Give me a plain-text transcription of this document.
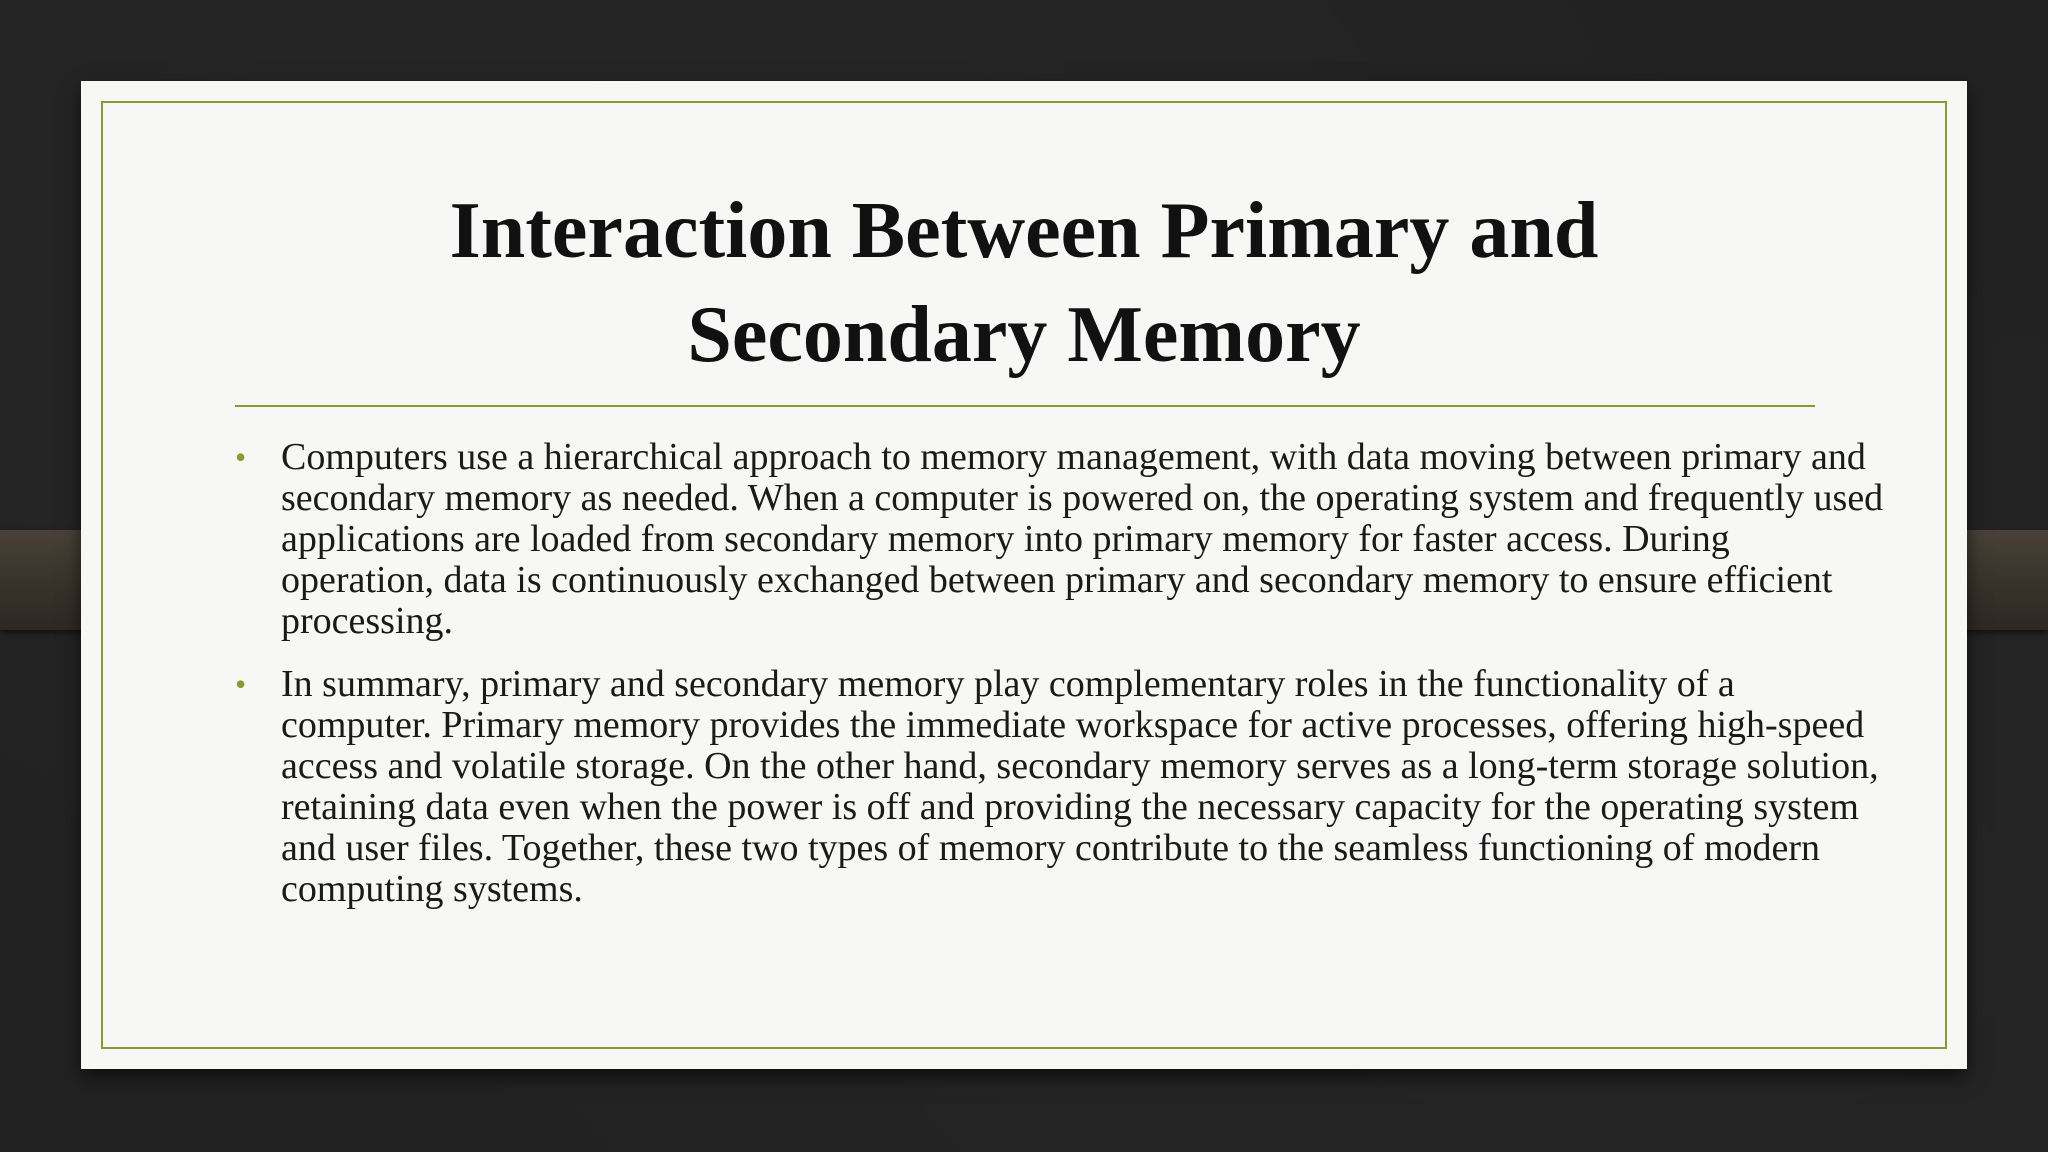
Interaction Between Primary and Secondary Memory
• Computers use a hierarchical approach to memory management, with data moving between primary and secondary memory as needed. When a computer is powered on, the operating system and frequently used applications are loaded from secondary memory into primary memory for faster access. During operation, data is continuously exchanged between primary and secondary memory to ensure efficient processing.
• In summary, primary and secondary memory play complementary roles in the functionality of a computer. Primary memory provides the immediate workspace for active processes, offering high-speed access and volatile storage. On the other hand, secondary memory serves as a long-term storage solution, retaining data even when the power is off and providing the necessary capacity for the operating system and user files. Together, these two types of memory contribute to the seamless functioning of modern computing systems.
